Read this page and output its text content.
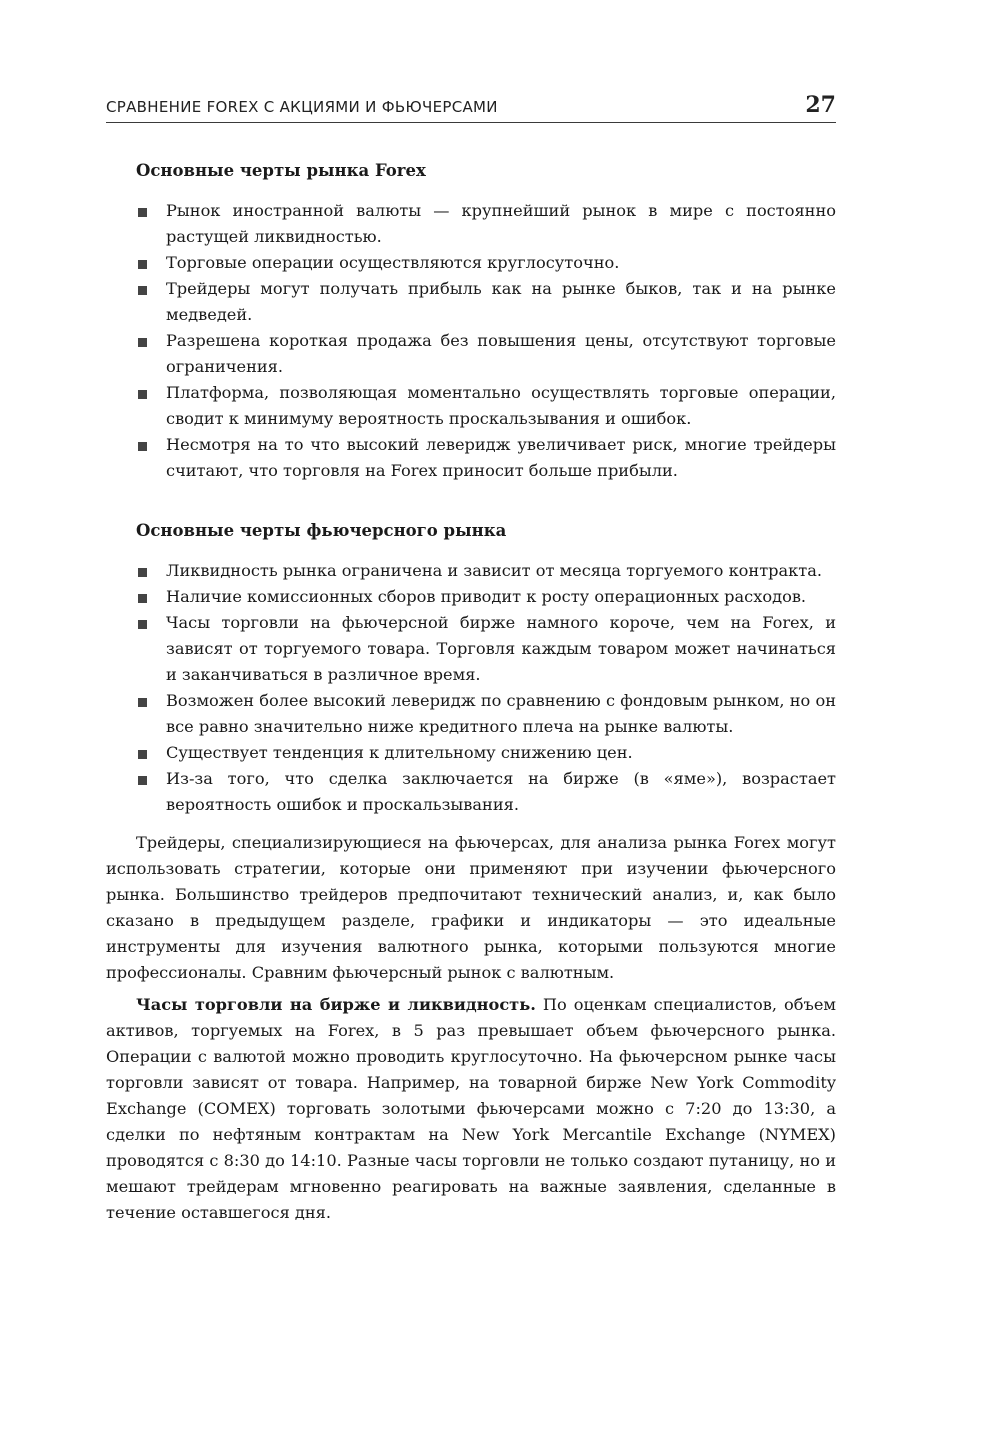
СРАВНЕНИЕ FOREX С АКЦИЯМИ И ФЬЮЧЕРСАМИ	27
Основные черты рынка Forex
Рынок иностранной валюты — крупнейший рынок в мире с постоянно растущей ликвидностью.
Торговые операции осуществляются круглосуточно.
Трейдеры могут получать прибыль как на рынке быков, так и на рынке медведей.
Разрешена короткая продажа без повышения цены, отсутствуют торговые ограничения.
Платформа, позволяющая моментально осуществлять торговые операции, сводит к минимуму вероятность проскальзывания и ошибок.
Несмотря на то что высокий леверидж увеличивает риск, многие трейдеры считают, что торговля на Forex приносит больше прибыли.
Основные черты фьючерсного рынка
Ликвидность рынка ограничена и зависит от месяца торгуемого контракта.
Наличие комиссионных сборов приводит к росту операционных расходов.
Часы торговли на фьючерсной бирже намного короче, чем на Forex, и зависят от торгуемого товара. Торговля каждым товаром может начинаться и заканчиваться в различное время.
Возможен более высокий леверидж по сравнению с фондовым рынком, но он все равно значительно ниже кредитного плеча на рынке валюты.
Существует тенденция к длительному снижению цен.
Из-за того, что сделка заключается на бирже (в «яме»), возрастает вероятность ошибок и проскальзывания.

Трейдеры, специализирующиеся на фьючерсах, для анализа рынка Forex могут использовать стратегии, которые они применяют при изучении фьючерсного рынка. Большинство трейдеров предпочитают технический анализ, и, как было сказано в предыдущем разделе, графики и индикаторы — это идеальные инструменты для изучения валютного рынка, которыми пользуются многие профессионалы. Сравним фьючерсный рынок с валютным.

Часы торговли на бирже и ликвидность. По оценкам специалистов, объем активов, торгуемых на Forex, в 5 раз превышает объем фьючерсного рынка. Операции с валютой можно проводить круглосуточно. На фьючерсном рынке часы торговли зависят от товара. Например, на товарной бирже New York Commodity Exchange (COMEX) торговать золотыми фьючерсами можно с 7:20 до 13:30, а сделки по нефтяным контрактам на New York Mercantile Exchange (NYMEX) проводятся с 8:30 до 14:10. Разные часы торговли не только создают путаницу, но и мешают трейдерам мгновенно реагировать на важные заявления, сделанные в течение оставшегося дня.
